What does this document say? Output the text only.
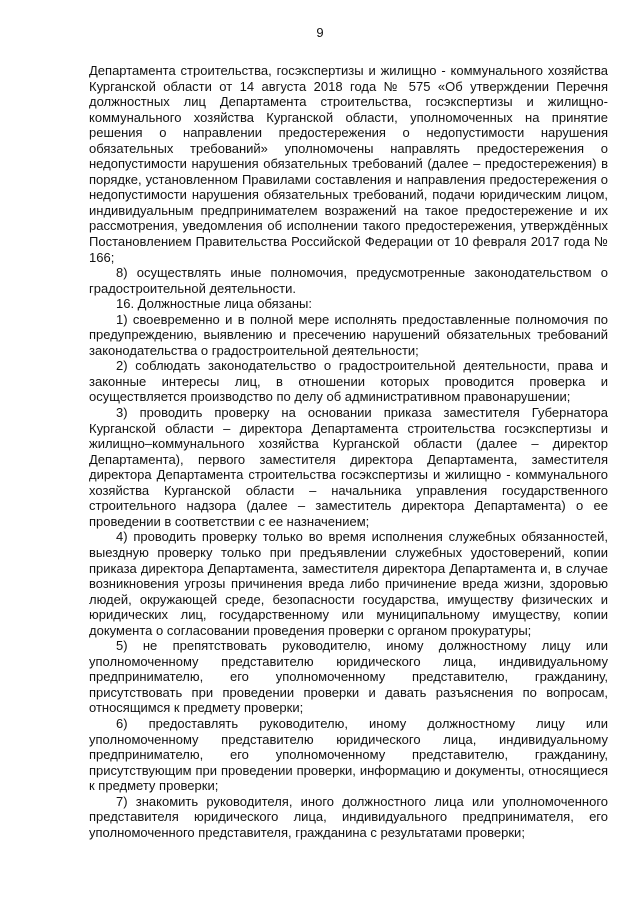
9

Департамента строительства, госэкспертизы и жилищно - коммунального хозяйства Курганской области от 14 августа 2018 года № 575 «Об утверждении Перечня должностных лиц Департамента строительства, госэкспертизы и жилищно- коммунального хозяйства Курганской области, уполномоченных на принятие решения о направлении предостережения о недопустимости нарушения обязательных требований» уполномочены направлять предостережения о недопустимости нарушения обязательных требований (далее – предостережения) в порядке, установленном Правилами составления и направления предостережения о недопустимости нарушения обязательных требований, подачи юридическим лицом, индивидуальным предпринимателем возражений на такое предостережение и их рассмотрения, уведомления об исполнении такого предостережения, утверждённых Постановлением Правительства Российской Федерации от 10 февраля 2017 года № 166;

8) осуществлять иные полномочия, предусмотренные законодательством о градостроительной деятельности.

16. Должностные лица обязаны:

1) своевременно и в полной мере исполнять предоставленные полномочия по предупреждению, выявлению и пресечению нарушений обязательных требований законодательства о градостроительной деятельности;

2) соблюдать законодательство о градостроительной деятельности, права и законные интересы лиц, в отношении которых проводится проверка и осуществляется производство по делу об административном правонарушении;

3) проводить проверку на основании приказа заместителя Губернатора Курганской области – директора Департамента строительства госэкспертизы и жилищно–коммунального хозяйства Курганской области (далее – директор Департамента), первого заместителя директора Департамента, заместителя директора Департамента строительства госэкспертизы и жилищно - коммунального хозяйства Курганской области – начальника управления государственного строительного надзора (далее – заместитель директора Департамента) о ее проведении в соответствии с ее назначением;

4) проводить проверку только во время исполнения служебных обязанностей, выездную проверку только при предъявлении служебных удостоверений, копии приказа директора Департамента, заместителя директора Департамента и, в случае возникновения угрозы причинения вреда либо причинение вреда жизни, здоровью людей, окружающей среде, безопасности государства, имуществу физических и юридических лиц, государственному или муниципальному имуществу, копии документа о согласовании проведения проверки с органом прокуратуры;

5) не препятствовать руководителю, иному должностному лицу или уполномоченному представителю юридического лица, индивидуальному предпринимателю, его уполномоченному представителю, гражданину, присутствовать при проведении проверки и давать разъяснения по вопросам, относящимся к предмету проверки;

6) предоставлять руководителю, иному должностному лицу или уполномоченному представителю юридического лица, индивидуальному предпринимателю, его уполномоченному представителю, гражданину, присутствующим при проведении проверки, информацию и документы, относящиеся к предмету проверки;

7) знакомить руководителя, иного должностного лица или уполномоченного представителя юридического лица, индивидуального предпринимателя, его уполномоченного представителя, гражданина с результатами проверки;
